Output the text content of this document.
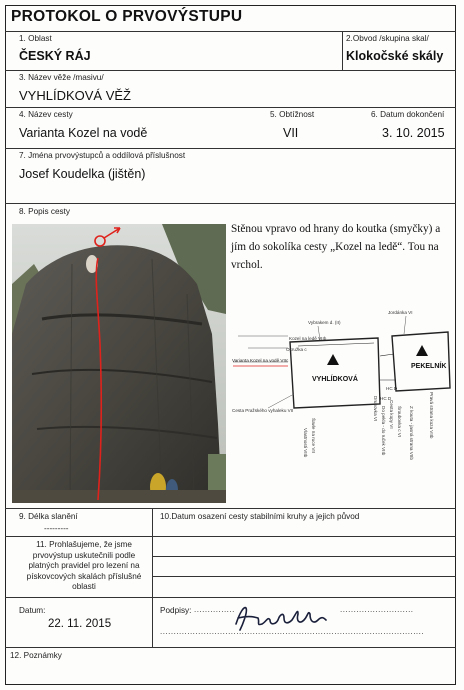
PROTOKOL O PRVOVÝSTUPU
1. Oblast
ČESKÝ RÁJ
2.Obvod /skupina skal/
Klokočské skály
3. Název věže /masivu/
VYHLÍDKOVÁ VĚŽ
4. Název cesty
Varianta Kozel na vodě
5. Obtížnost
VII
6. Datum dokončení
3. 10. 2015
7. Jména prvovýstupců a oddílová příslušnost
Josef Koudelka (jištěn)
8. Popis cesty
Stěnou vpravo od hrany do koutka (smyčky) a jím do sokolíka cesty „Kozel na ledě“. Tou na vrchol.
VYHLÍDKOVÁ
PEKELNÍK
Kozel na ledě VIIb
Okružka c
Varianta Kozel na vodě VIIc
Cesta Pražského vyhaleku VII
Vybrakem d. (II)
Jordánka VI
HC D
HC D
Vlastnosti VIIb Šavle na ruce VII
Druhovka VI Do pekla - do ruček VIIb Cesta kopy VI Šroubovka c VI Z kouta - jasná strana VIIb	Pravá strana koza VIIb
9. Délka slanění
---------
10.Datum osazení cesty stabilními kruhy a jejich původ
11. Prohlašujeme, že jsme prvovýstup uskutečnili podle platných pravidel pro lezení na pískovcových skalách příslušné oblasti
Datum:
22. 11. 2015
Podpisy: ...............	...........................
.................................................................................................
12. Poznámky
